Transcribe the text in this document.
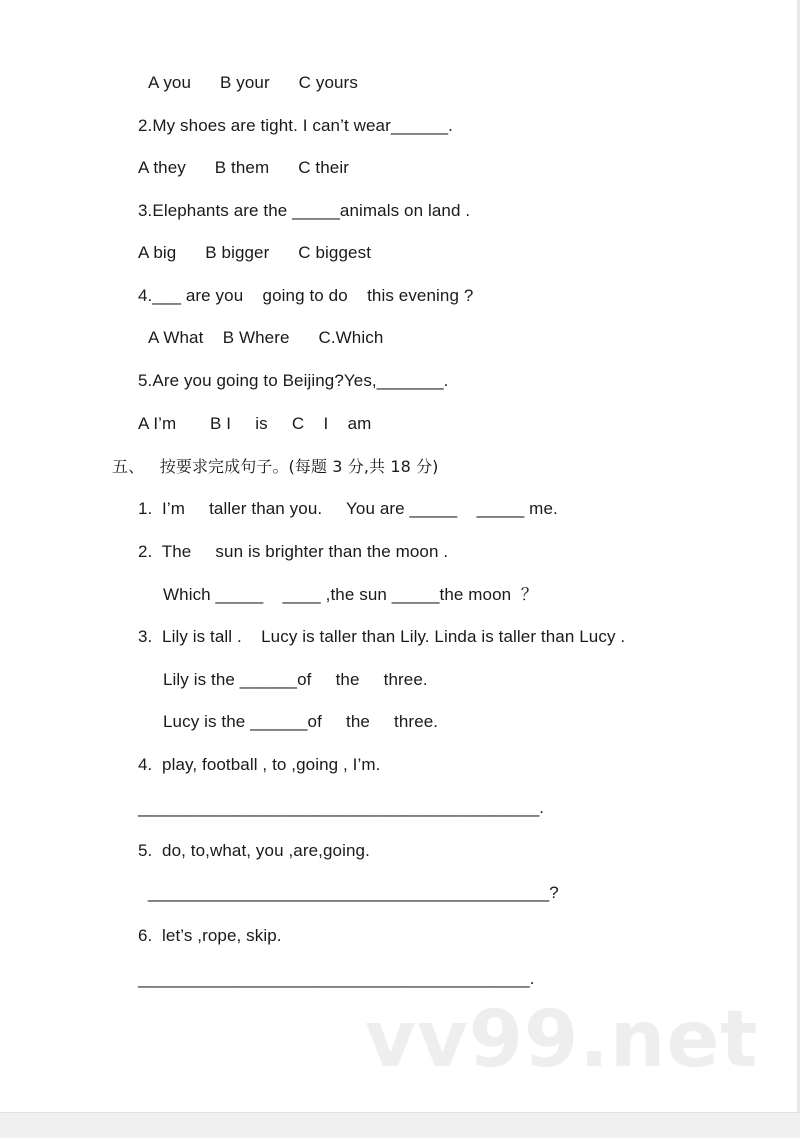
A you      B your      C yours
2.My shoes are tight. I can’t wear______.
A they      B them      C their
3.Elephants are the _____animals on land .
A big      B bigger      C biggest
4.___ are you    going to do    this evening ?
A What    B Where      C.Which
5.Are you going to Beijing?Yes,_______.
A I’m       B I     is     C    I    am
五、   按要求完成句子。(每题 3 分,共 18 分)
1.  I’m     taller than you.     You are _____    _____ me.
2.  The     sun is brighter than the moon .
Which _____    ____ ,the sun _____the moon  ？
3.  Lily is tall .    Lucy is taller than Lily. Linda is taller than Lucy .
Lily is the ______of     the     three.
Lucy is the ______of     the     three.
4.  play, football , to ,going , I’m.
__________________________________________.
5.  do, to,what, you ,are,going.
__________________________________________?
6.  let’s ,rope, skip.
_________________________________________.
vv99.net
